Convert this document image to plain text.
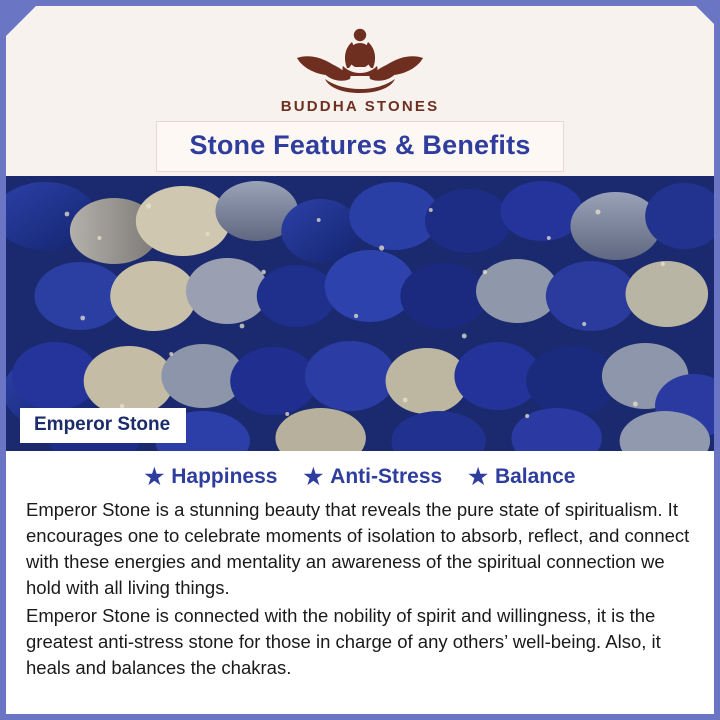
BUDDHA STONES
Stone Features & Benefits
Emperor Stone
★ Happiness ★ Anti-Stress ★ Balance

Emperor Stone is a stunning beauty that reveals the pure state of spiritualism. It encourages one to celebrate moments of isolation to absorb, reflect, and connect with these energies and mentality an awareness of the spiritual connection we hold with all living things.

Emperor Stone is connected with the nobility of spirit and willingness, it is the greatest anti-stress stone for those in charge of any others’ well-being. Also, it heals and balances the chakras.
